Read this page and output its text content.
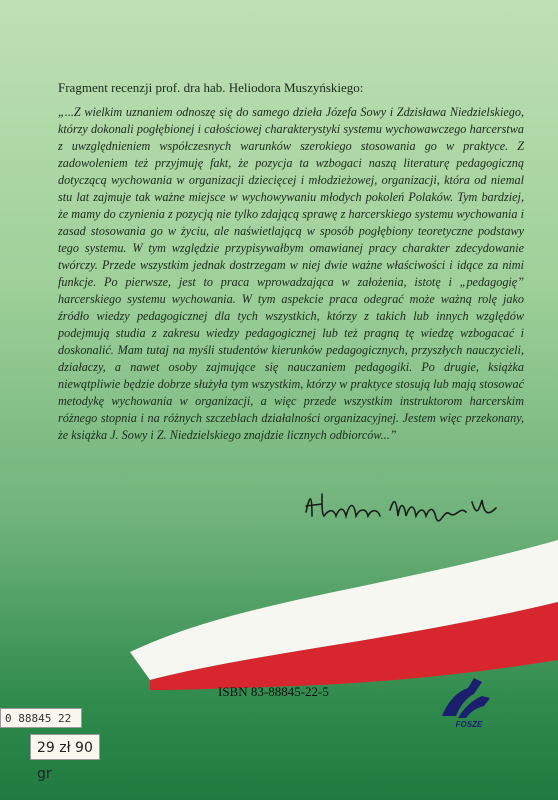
Fragment recenzji prof. dra hab. Heliodora Muszyńskiego:
„...Z wielkim uznaniem odnoszę się do samego dzieła Józefa Sowy i Zdzisława Niedzielskiego, którzy dokonali pogłębionej i całościowej charakterystyki systemu wychowawczego harcerstwa z uwzględnieniem współczesnych warunków szerokiego stosowania go w praktyce. Z zadowoleniem też przyjmuję fakt, że pozycja ta wzbogaci naszą literaturę pedagogiczną dotyczącą wychowania w organizacji dziecięcej i młodzieżowej, organizacji, która od niemal stu lat zajmuje tak ważne miejsce w wychowywaniu młodych pokoleń Polaków. Tym bardziej, że mamy do czynienia z pozycją nie tylko zdającą sprawę z harcerskiego systemu wychowania i zasad stosowania go w życiu, ale naświetlającą w sposób pogłębiony teoretyczne podstawy tego systemu. W tym względzie przypisywałbym omawianej pracy charakter zdecydowanie twórczy. Przede wszystkim jednak dostrzegam w niej dwie ważne właściwości i idące za nimi funkcje. Po pierwsze, jest to praca wprowadzająca w założenia, istotę i „pedagogię” harcerskiego systemu wychowania. W tym aspekcie praca odegrać może ważną rolę jako źródło wiedzy pedagogicznej dla tych wszystkich, którzy z takich lub innych względów podejmują studia z zakresu wiedzy pedagogicznej lub też pragną tę wiedzę wzbogacać i doskonalić. Mam tutaj na myśli studentów kierunków pedagogicznych, przyszłych nauczycieli, działaczy, a nawet osoby zajmujące się nauczaniem pedagogiki. Po drugie, książka niewątpliwie będzie dobrze służyła tym wszystkim, którzy w praktyce stosują lub mają stosować metodykę wychowania w organizacji, a więc przede wszystkim instruktorom harcerskim różnego stopnia i na różnych szczeblach działalności organizacyjnej. Jestem więc przekonany, że książka J. Sowy i Z. Niedzielskiego znajdzie licznych odbiorców...”
ISBN 83-88845-22-5
FOSZE
0 88845 22
29 zł 90 gr
